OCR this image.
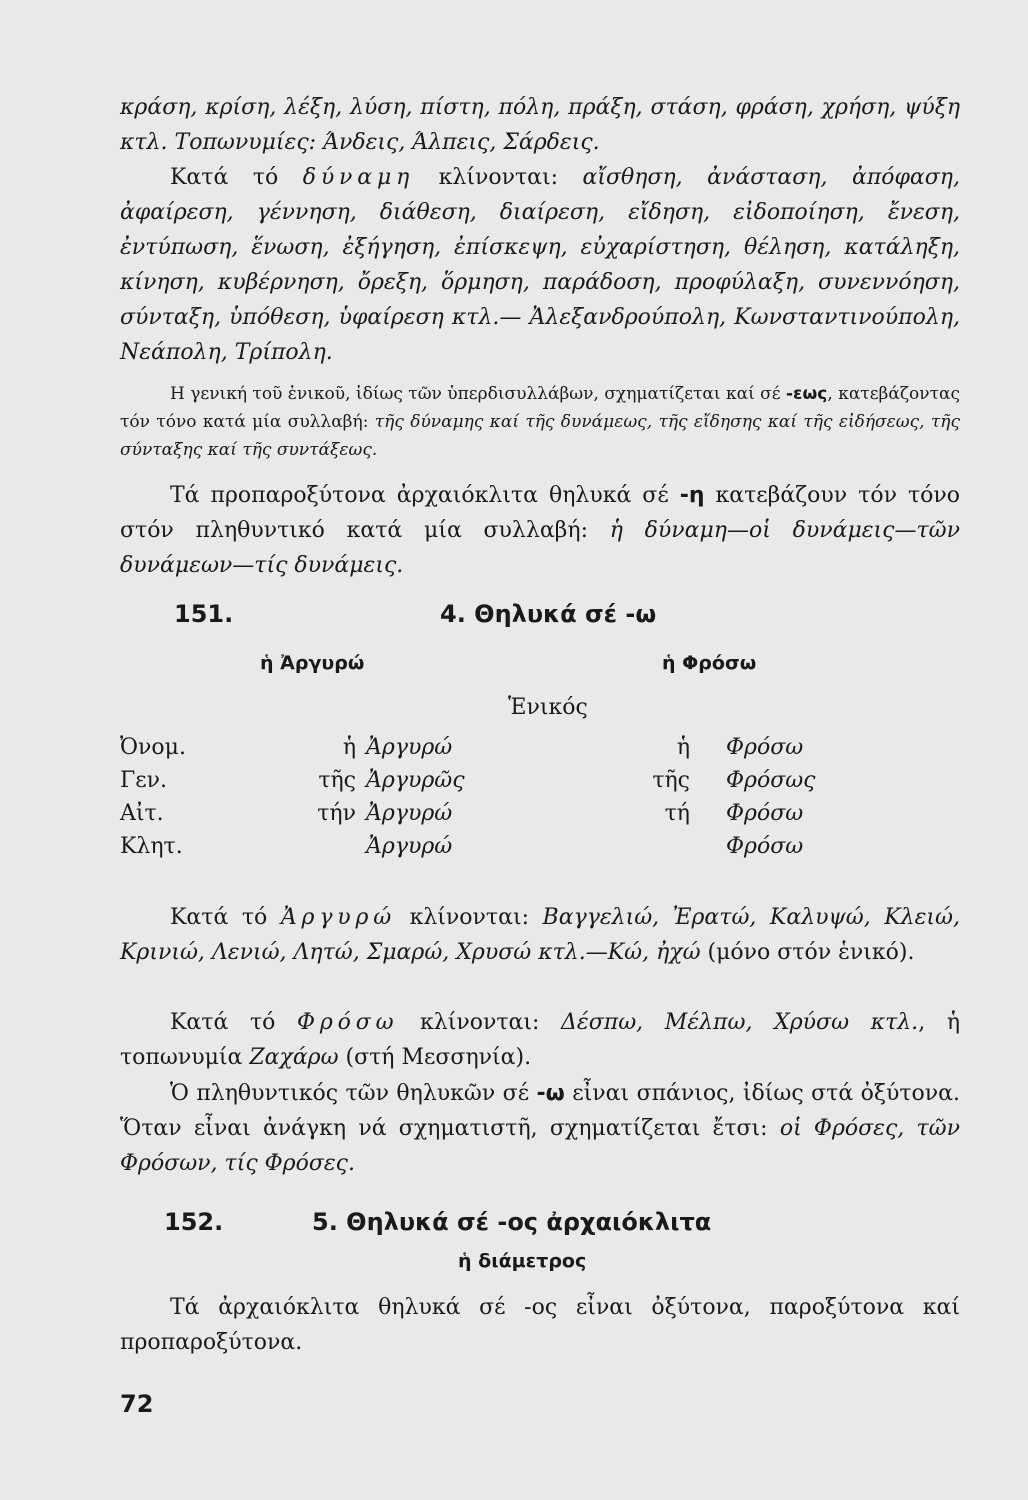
κράση, κρίση, λέξη, λύση, πίστη, πόλη, πράξη, στάση, φράση, χρήση, ψύξη κτλ. Τοπωνυμίες: Άνδεις, Άλπεις, Σάρδεις.
Κατά τό δύναμη κλίνονται: αἴσθηση, ἀνάσταση, ἀπόφαση, ἀφαίρεση, γέννηση, διάθεση, διαίρεση, εἴδηση, εἰδοποίηση, ἔνεση, ἐντύπωση, ἕνωση, ἐξήγηση, ἐπίσκεψη, εὐχαρίστηση, θέληση, κατάληξη, κίνηση, κυβέρνηση, ὄρεξη, ὅρμηση, παράδοση, προφύλαξη, συνεννόηση, σύνταξη, ὑπόθεση, ὑφαίρεση κτλ.— Ἀλεξανδρούπολη, Κωνσταντινούπολη, Νεάπολη, Τρίπολη.
Η γενική τοῦ ἑνικοῦ, ἰδίως τῶν ὑπερδισυλλάβων, σχηματίζεται καί σέ -εως, κατεβάζοντας τόν τόνο κατά μία συλλαβή: τῆς δύναμης καί τῆς δυνάμεως, τῆς εἴδησης καί τῆς εἰδήσεως, τῆς σύνταξης καί τῆς συντάξεως.
Τά προπαροξύτονα ἀρχαιόκλιτα θηλυκά σέ -η κατεβάζουν τόν τόνο στόν πληθυντικό κατά μία συλλαβή: ἡ δύναμη—οἱ δυνάμεις—τῶν δυνάμεων—τίς δυνάμεις.
151.	4. Θηλυκά σέ -ω
ἡ Ἀργυρώ	ἡ Φρόσω
Ἑνικός
Ὀνομ.	ἡ Ἀργυρώ	ἡ Φρόσω
Γεν.	τῆς Ἀργυρῶς	τῆς Φρόσως
Αἰτ.	τήν Ἀργυρώ	τή Φρόσω
Κλητ.	Ἀργυρώ	Φρόσω
Κατά τό Ἀργυρώ κλίνονται: Βαγγελιώ, Ἐρατώ, Καλυψώ, Κλειώ, Κρινιώ, Λενιώ, Λητώ, Σμαρώ, Χρυσώ κτλ.—Κώ, ἠχώ (μόνο στόν ἑνικό).
Κατά τό Φρόσω κλίνονται: Δέσπω, Μέλπω, Χρύσω κτλ., ἡ τοπωνυμία Ζαχάρω (στή Μεσσηνία).
Ὁ πληθυντικός τῶν θηλυκῶν σέ -ω εἶναι σπάνιος, ἰδίως στά ὀξύτονα. Ὅταν εἶναι ἀνάγκη νά σχηματιστῆ, σχηματίζεται ἔτσι: οἱ Φρόσες, τῶν Φρόσων, τίς Φρόσες.
152.	5. Θηλυκά σέ -ος ἀρχαιόκλιτα
ἡ διάμετρος
Τά ἀρχαιόκλιτα θηλυκά σέ -ος εἶναι ὀξύτονα, παροξύτονα καί προπαροξύτονα.
72
